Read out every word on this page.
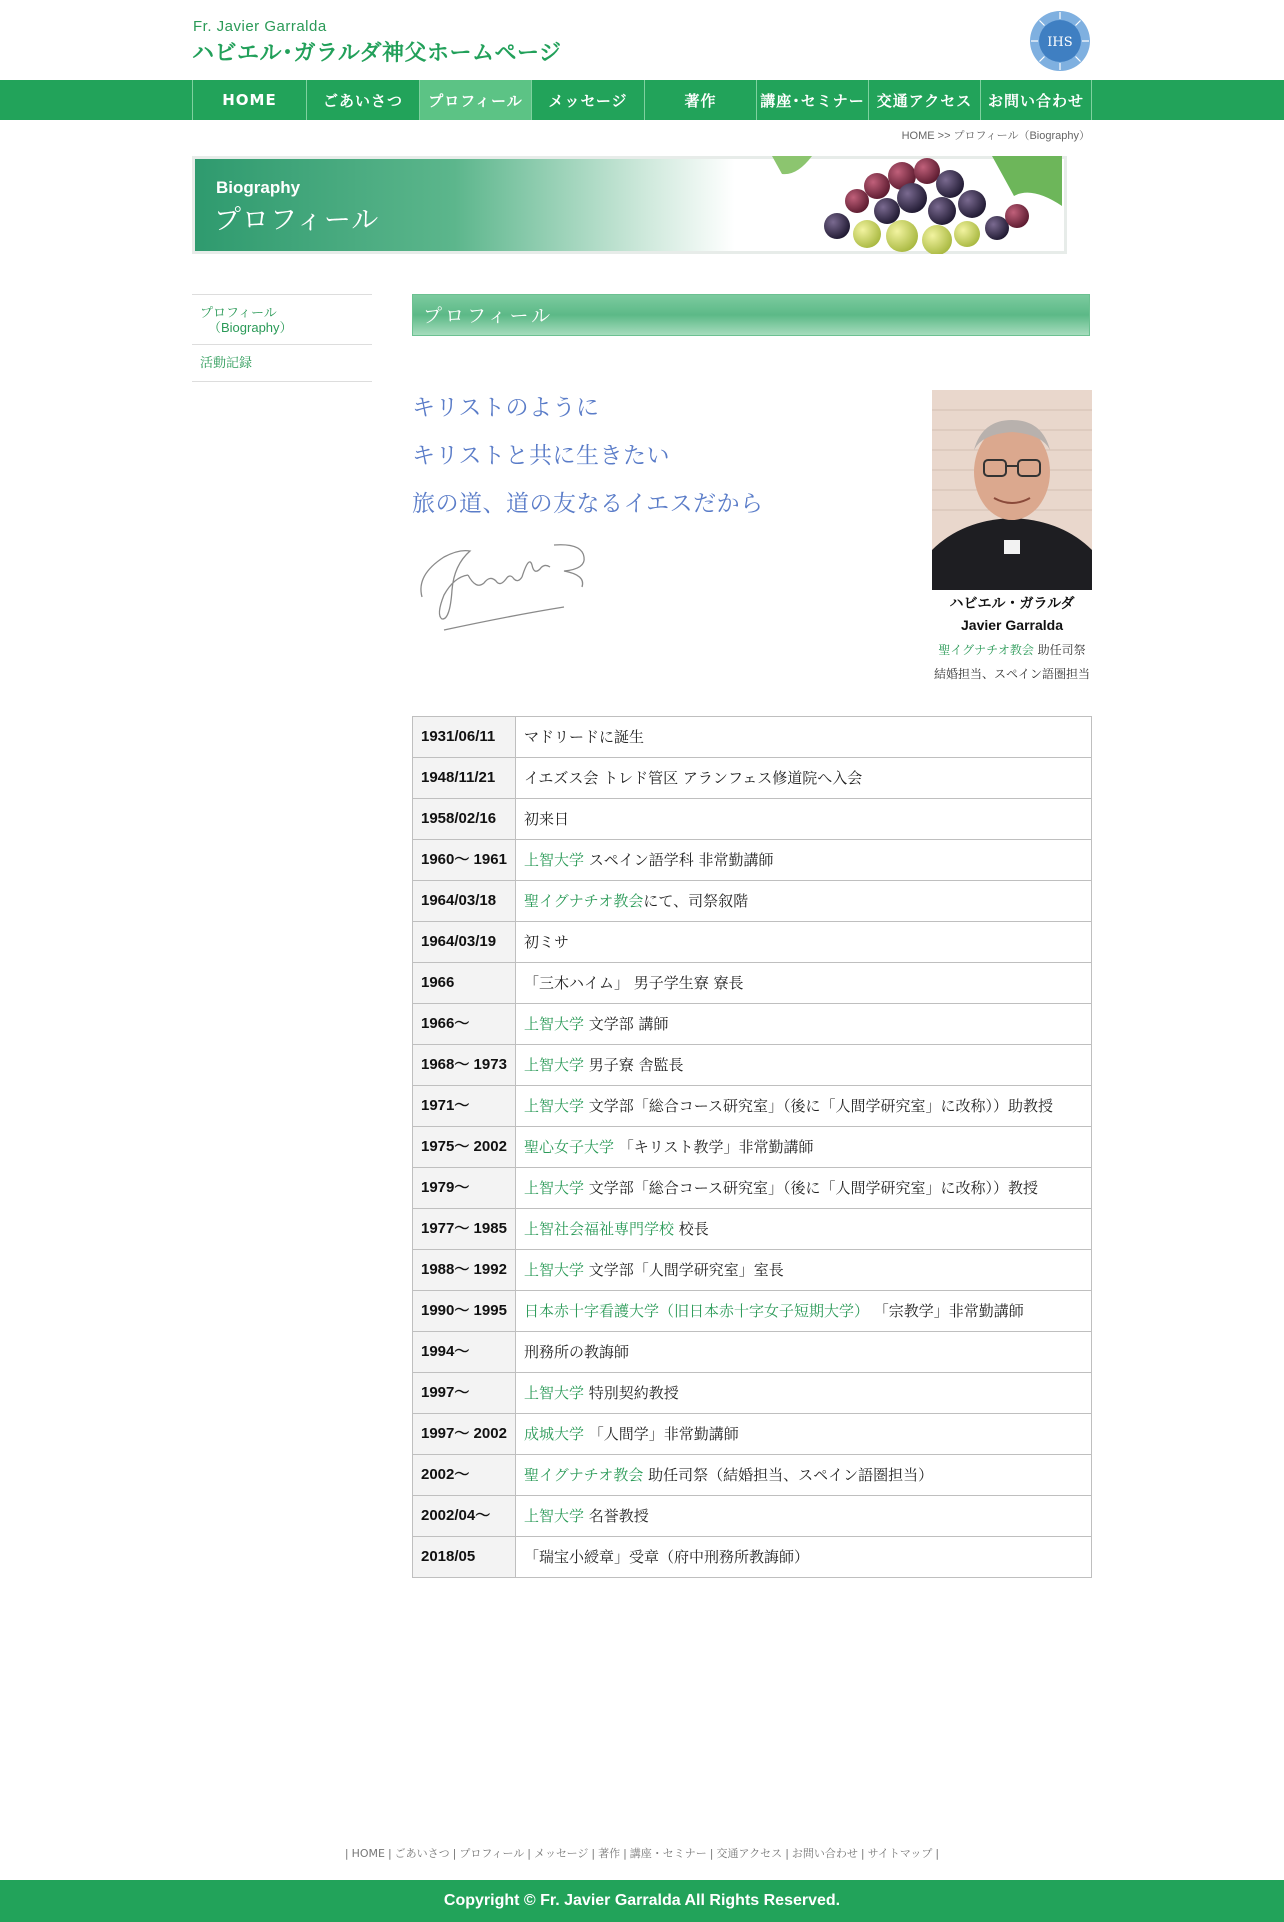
Fr. Javier Garralda
ハビエル･ガラルダ神父ホームページ	IHS
HOME	ごあいさつ	プロフィール	メッセージ	著作	講座･セミナー 交通アクセス	お問い合わせ
HOME >> プロフィール（Biography）
Biography
プロフィール
プロフィール
（Biography）
活動記録
プロフィール
キリストのように
キリストと共に生きたい
旅の道、道の友なるイエスだから
ハビエル・ガラルダ
Javier Garralda
聖イグナチオ教会 助任司祭
結婚担当、スペイン語圏担当
1931/06/11	マドリードに誕生
1948/11/21	イエズス会 トレド管区 アランフェス修道院へ入会
1958/02/16	初来日
1960～ 1961	上智大学 スペイン語学科 非常勤講師
1964/03/18	聖イグナチオ教会にて、司祭叙階
1964/03/19	初ミサ
1966	「三木ハイム」 男子学生寮 寮長
1966～	上智大学 文学部 講師
1968～ 1973	上智大学 男子寮 舎監長
1971～	上智大学 文学部「総合コース研究室」（後に「人間学研究室」に改称））助教授
1975～ 2002	聖心女子大学 「キリスト教学」非常勤講師
1979～	上智大学 文学部「総合コース研究室」（後に「人間学研究室」に改称））教授
1977～ 1985	上智社会福祉専門学校 校長
1988～ 1992	上智大学 文学部「人間学研究室」室長
1990～ 1995	日本赤十字看護大学（旧日本赤十字女子短期大学） 「宗教学」非常勤講師
1994～	刑務所の教誨師
1997～	上智大学 特別契約教授
1997～ 2002	成城大学 「人間学」非常勤講師
2002～	聖イグナチオ教会 助任司祭（結婚担当、スペイン語圏担当）
2002/04～	上智大学 名誉教授
2018/05	「瑞宝小綬章」受章（府中刑務所教誨師）
| HOME | ごあいさつ | プロフィール | メッセージ | 著作 | 講座・セミナー | 交通アクセス | お問い合わせ | サイトマップ |
Copyright © Fr. Javier Garralda All Rights Reserved.
